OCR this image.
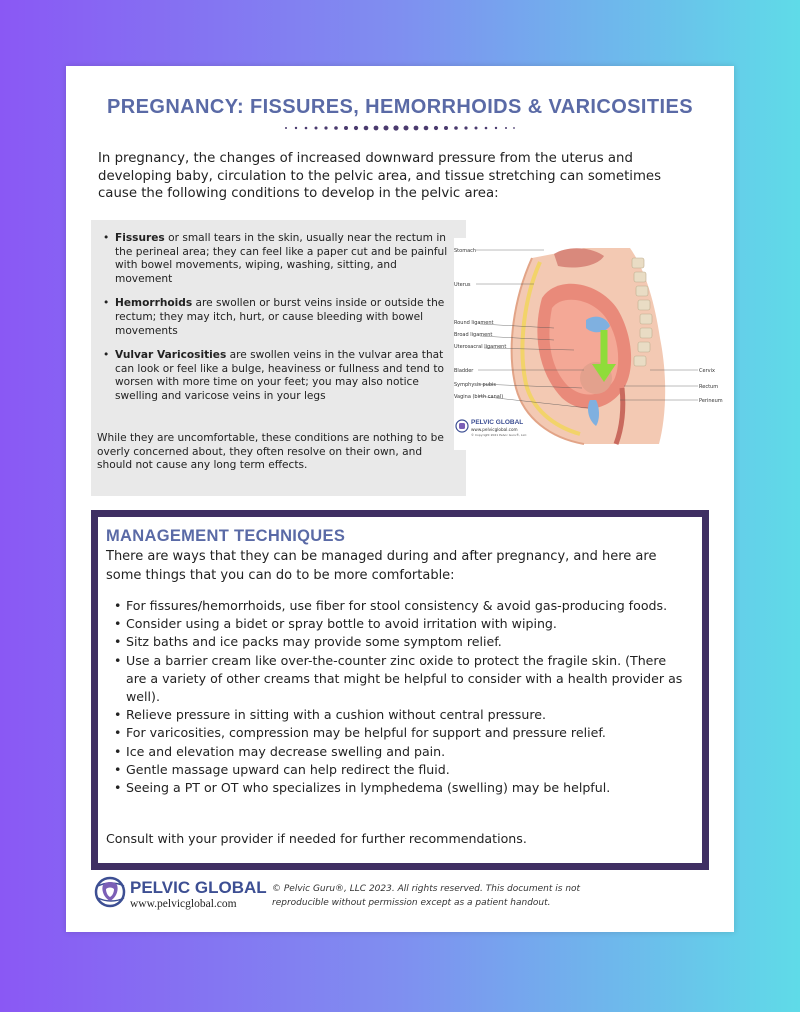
PREGNANCY: FISSURES, HEMORRHOIDS & VARICOSITIES
In pregnancy, the changes of increased downward pressure from the uterus and developing baby, circulation to the pelvic area, and tissue stretching can sometimes cause the following conditions to develop in the pelvic area:
• Fissures or small tears in the skin, usually near the rectum in the perineal area; they can feel like a paper cut and be painful with bowel movements, wiping, washing, sitting, and movement
• Hemorrhoids are swollen or burst veins inside or outside the rectum; they may itch, hurt, or cause bleeding with bowel movements
• Vulvar Varicosities are swollen veins in the vulvar area that can look or feel like a bulge, heaviness or fullness and tend to worsen with more time on your feet; you may also notice swelling and varicose veins in your legs
While they are uncomfortable, these conditions are nothing to be overly concerned about, they often resolve on their own, and should not cause any long term effects.
Stomach
Uterus
Round ligament
Broad ligament
Uterosacral ligament
Bladder
Symphysis pubis
Vagina (birth canal)
Cervix
Rectum
Perineum
PELVIC GLOBAL
www.pelvicglobal.com
© Copyright 2021 Pelvic Guru®, LLC
MANAGEMENT TECHNIQUES
There are ways that they can be managed during and after pregnancy, and here are some things that you can do to be more comfortable:
• For fissures/hemorrhoids, use fiber for stool consistency & avoid gas-producing foods.
• Consider using a bidet or spray bottle to avoid irritation with wiping.
• Sitz baths and ice packs may provide some symptom relief.
• Use a barrier cream like over-the-counter zinc oxide to protect the fragile skin. (There are a variety of other creams that might be helpful to consider with a health provider as well).
• Relieve pressure in sitting with a cushion without central pressure.
• For varicosities, compression may be helpful for support and pressure relief.
• Ice and elevation may decrease swelling and pain.
• Gentle massage upward can help redirect the fluid.
• Seeing a PT or OT who specializes in lymphedema (swelling) may be helpful.
Consult with your provider if needed for further recommendations.
PELVIC GLOBAL
www.pelvicglobal.com
© Pelvic Guru®, LLC 2023. All rights reserved. This document is not reproducible without permission except as a patient handout.
